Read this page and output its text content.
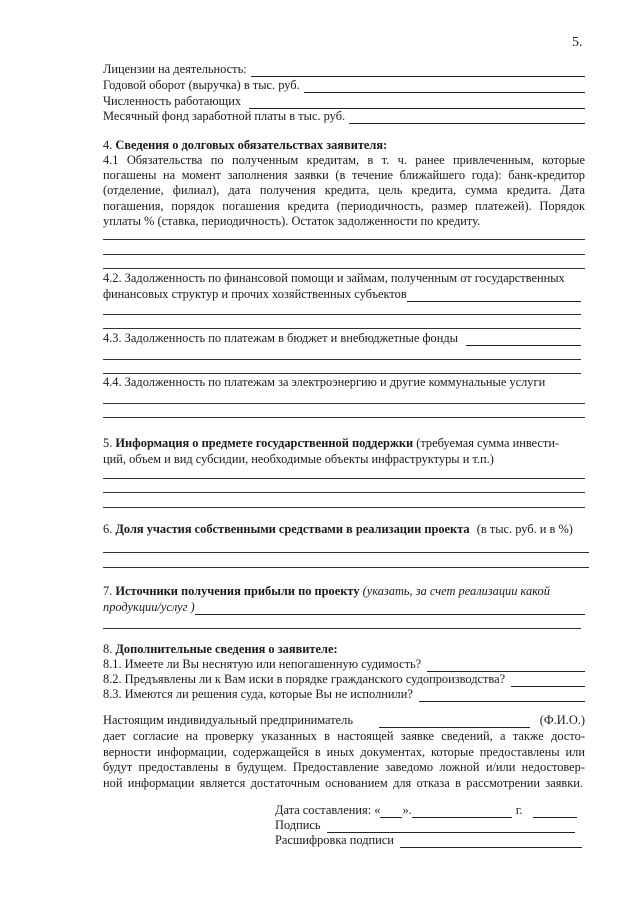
5.
Лицензии на деятельность:
Годовой оборот (выручка) в тыс. руб.
Численность работающих
Месячный фонд заработной платы в тыс. руб.
4. Сведения о долговых обязательствах заявителя:
4.1 Обязательства по полученным кредитам, в т. ч. ранее привлеченным, которые погашены на момент заполнения заявки (в течение ближайшего года): банк-кредитор (отделение, филиал), дата получения кредита, цель кредита, сумма кредита. Дата погашения, порядок погашения кредита (периодичность, размер платежей). Порядок уплаты % (ставка, периодичность). Остаток задолженности по кредиту.
4.2. Задолженность по финансовой помощи и займам, полученным от государственных
финансовых структур и прочих хозяйственных субъектов
4.3. Задолженность по платежам в бюджет и внебюджетные фонды
4.4. Задолженность по платежам за электроэнергию и другие коммунальные услуги
5. Информация о предмете государственной поддержки (требуемая сумма инвести-
ций, объем и вид субсидии, необходимые объекты инфраструктуры и т.п.)
6. Доля участия собственными средствами в реализации проекта (в тыс. руб. и в %)
7. Источники получения прибыли по проекту (указать, за счет реализации какой
продукции/услуг )
8. Дополнительные сведения о заявителе:
8.1. Имеете ли Вы неснятую или непогашенную судимость?
8.2. Предъявлены ли к Вам иски в порядке гражданского судопроизводства?
8.3. Имеются ли решения суда, которые Вы не исполнили?
Настоящим индивидуальный предприниматель	(Ф.И.О.)
дает согласие на проверку указанных в настоящей заявке сведений, а также досто-
верности информации, содержащейся в иных документах, которые предоставлены или
будут предоставлены в будущем. Предоставление заведомо ложной и/или недостовер-
ной информации является достаточным основанием для отказа в рассмотрении заявки.
Дата составления: « ».	г.
Подпись
Расшифровка подписи
